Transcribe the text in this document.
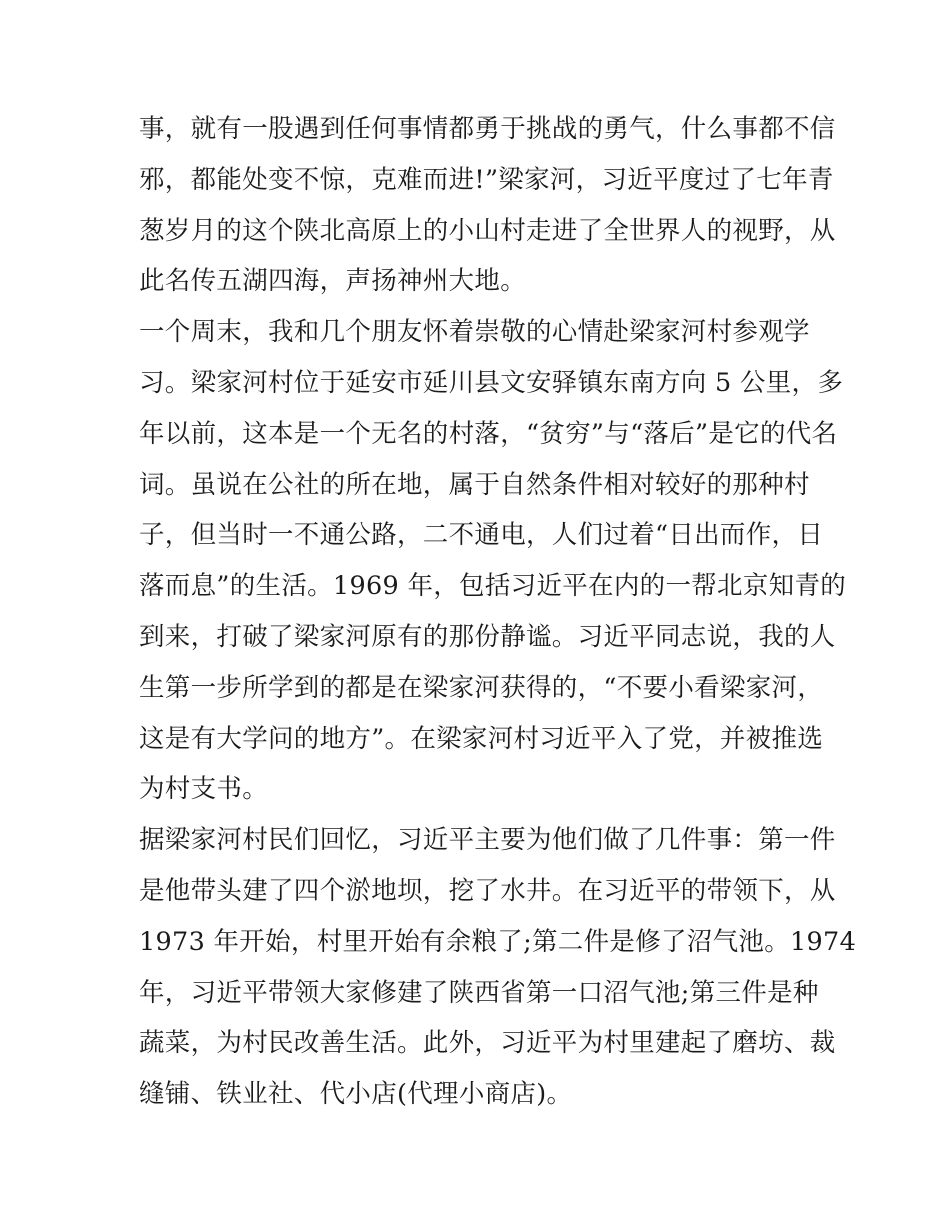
事，就有一股遇到任何事情都勇于挑战的勇气，什么事都不信
邪，都能处变不惊，克难而进!”梁家河，习近平度过了七年青
葱岁月的这个陕北高原上的小山村走进了全世界人的视野，从
此名传五湖四海，声扬神州大地。
一个周末，我和几个朋友怀着崇敬的心情赴梁家河村参观学
习。梁家河村位于延安市延川县文安驿镇东南方向 5 公里，多
年以前，这本是一个无名的村落，“贫穷”与“落后”是它的代名
词。虽说在公社的所在地，属于自然条件相对较好的那种村
子，但当时一不通公路，二不通电，人们过着“日出而作，日
落而息”的生活。1969 年，包括习近平在内的一帮北京知青的
到来，打破了梁家河原有的那份静谧。习近平同志说，我的人
生第一步所学到的都是在梁家河获得的，“不要小看梁家河，
这是有大学问的地方”。在梁家河村习近平入了党，并被推选
为村支书。
据梁家河村民们回忆，习近平主要为他们做了几件事：第一件
是他带头建了四个淤地坝，挖了水井。在习近平的带领下，从
1973 年开始，村里开始有余粮了;第二件是修了沼气池。1974
年，习近平带领大家修建了陕西省第一口沼气池;第三件是种
蔬菜，为村民改善生活。此外，习近平为村里建起了磨坊、裁
缝铺、铁业社、代小店(代理小商店)。
